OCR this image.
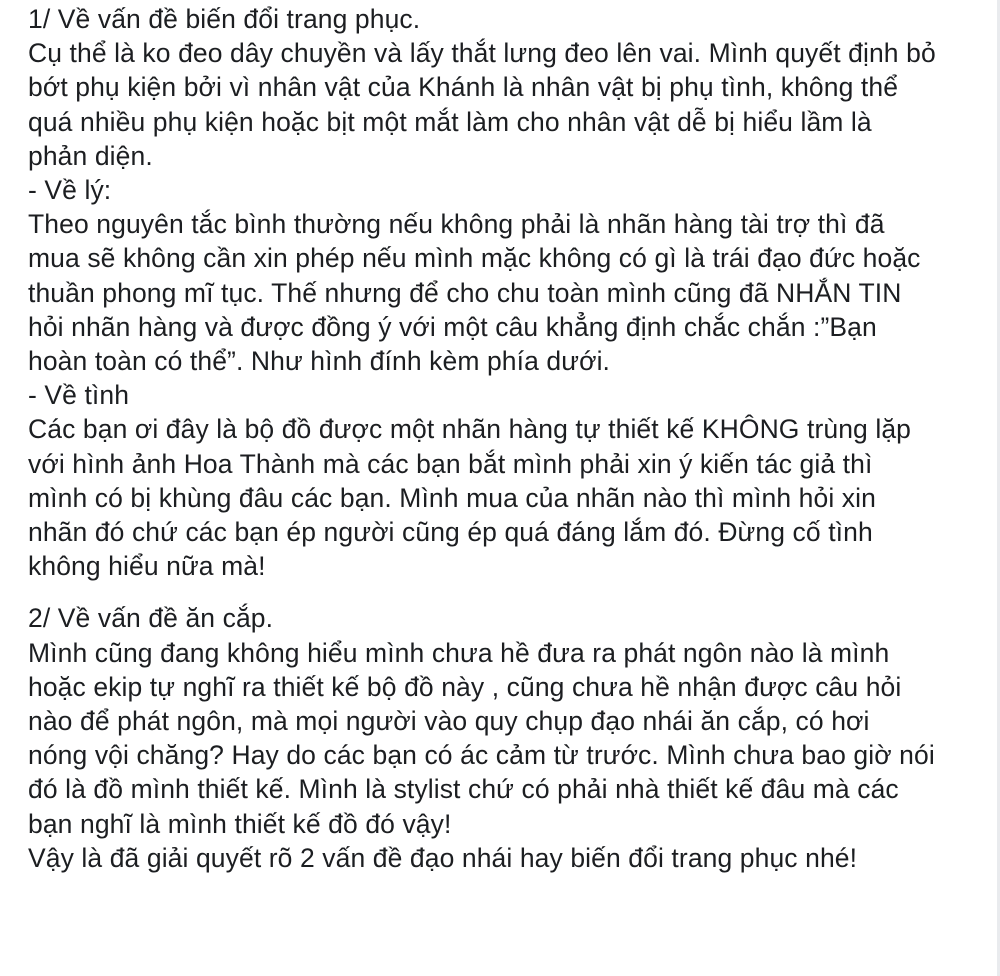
1/ Về vấn đề biến đổi trang phục.
Cụ thể là ko đeo dây chuyền và lấy thắt lưng đeo lên vai. Mình quyết định bỏ
bớt phụ kiện bởi vì nhân vật của Khánh là nhân vật bị phụ tình, không thể
quá nhiều phụ kiện hoặc bịt một mắt làm cho nhân vật dễ bị hiểu lầm là
phản diện.
- Về lý:
Theo nguyên tắc bình thường nếu không phải là nhãn hàng tài trợ thì đã
mua sẽ không cần xin phép nếu mình mặc không có gì là trái đạo đức hoặc
thuần phong mĩ tục. Thế nhưng để cho chu toàn mình cũng đã NHẮN TIN
hỏi nhãn hàng và được đồng ý với một câu khẳng định chắc chắn :”Bạn
hoàn toàn có thể”. Như hình đính kèm phía dưới.
- Về tình
Các bạn ơi đây là bộ đồ được một nhãn hàng tự thiết kế KHÔNG trùng lặp
với hình ảnh Hoa Thành mà các bạn bắt mình phải xin ý kiến tác giả thì
mình có bị khùng đâu các bạn. Mình mua của nhãn nào thì mình hỏi xin
nhãn đó chứ các bạn ép người cũng ép quá đáng lắm đó. Đừng cố tình
không hiểu nữa mà!
2/ Về vấn đề ăn cắp.
Mình cũng đang không hiểu mình chưa hề đưa ra phát ngôn nào là mình
hoặc ekip tự nghĩ ra thiết kế bộ đồ này , cũng chưa hề nhận được câu hỏi
nào để phát ngôn, mà mọi người vào quy chụp đạo nhái ăn cắp, có hơi
nóng vội chăng? Hay do các bạn có ác cảm từ trước. Mình chưa bao giờ nói
đó là đồ mình thiết kế. Mình là stylist chứ có phải nhà thiết kế đâu mà các
bạn nghĩ là mình thiết kế đồ đó vậy!
Vậy là đã giải quyết rõ 2 vấn đề đạo nhái hay biến đổi trang phục nhé!
